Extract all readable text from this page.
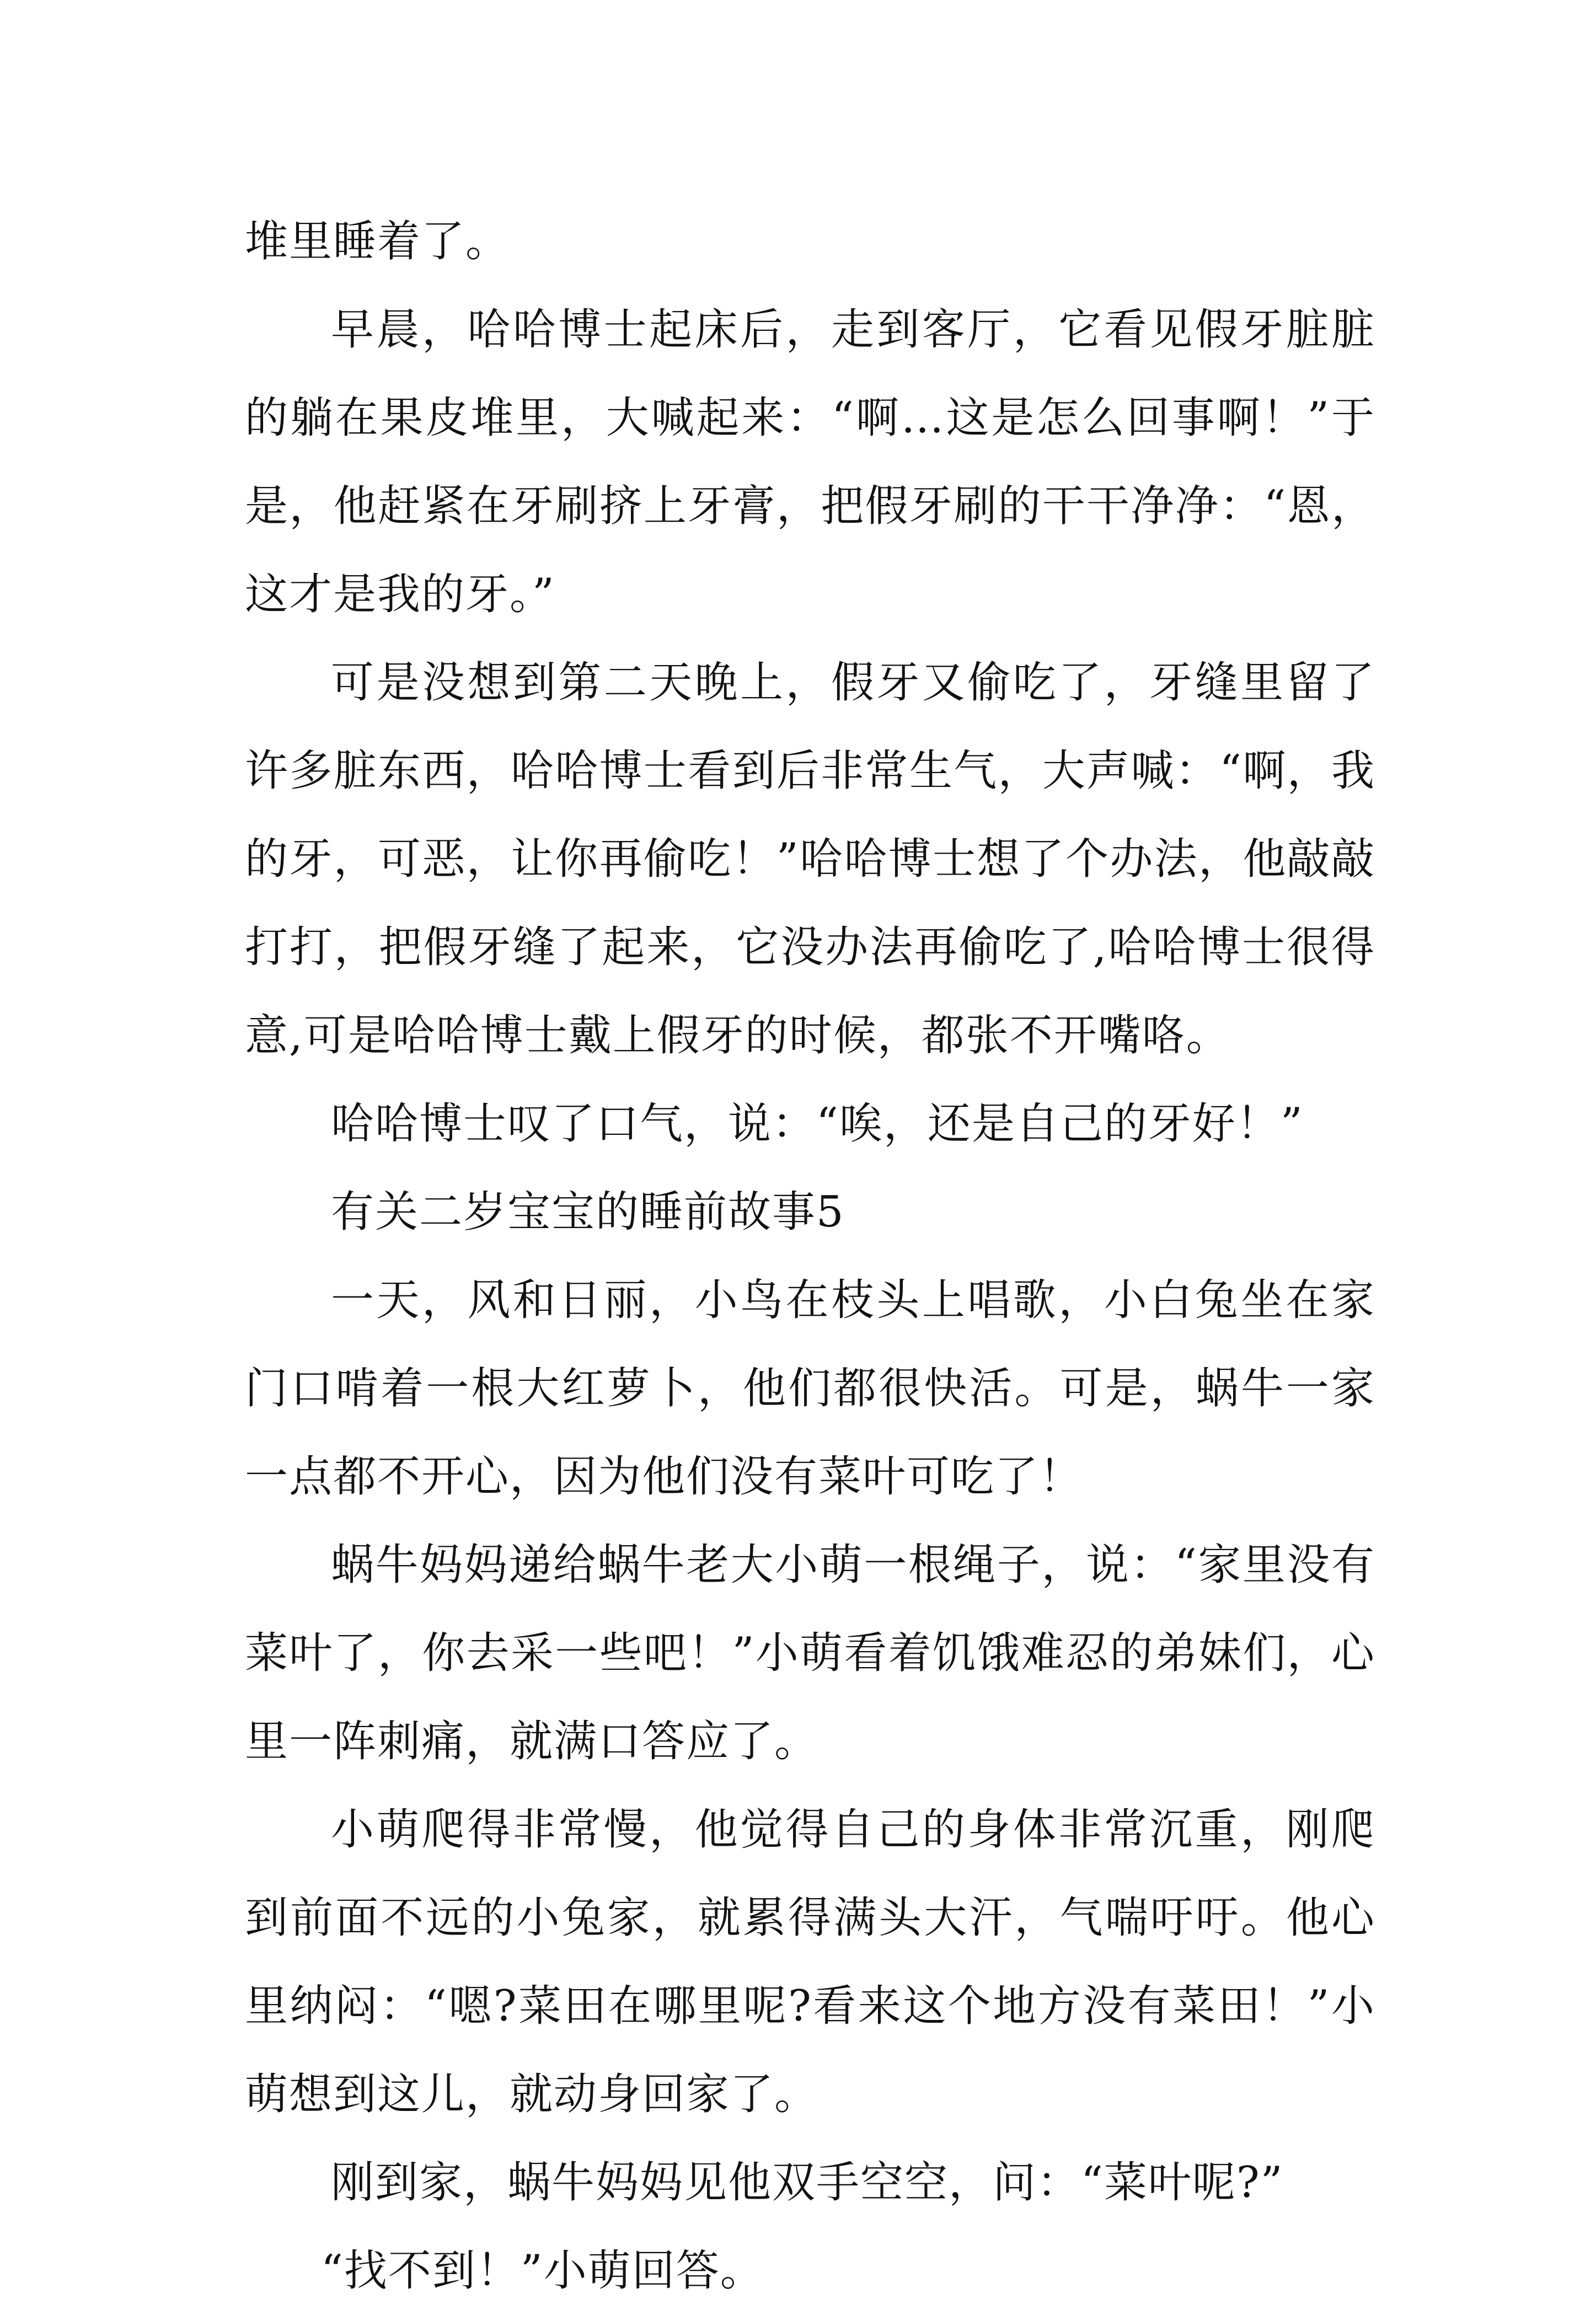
堆里睡着了。

早晨，哈哈博士起床后，走到客厅，它看见假牙脏脏的躺在果皮堆里，大喊起来：“啊…这是怎么回事啊！”于是，他赶紧在牙刷挤上牙膏，把假牙刷的干干净净：“恩，这才是我的牙。”

可是没想到第二天晚上，假牙又偷吃了，牙缝里留了许多脏东西，哈哈博士看到后非常生气，大声喊：“啊，我的牙，可恶，让你再偷吃！”哈哈博士想了个办法，他敲敲打打，把假牙缝了起来，它没办法再偷吃了,哈哈博士很得意,可是哈哈博士戴上假牙的时候，都张不开嘴咯。

哈哈博士叹了口气，说：“唉，还是自己的牙好！”

有关二岁宝宝的睡前故事5

一天，风和日丽，小鸟在枝头上唱歌，小白兔坐在家门口啃着一根大红萝卜，他们都很快活。可是，蜗牛一家一点都不开心，因为他们没有菜叶可吃了！

蜗牛妈妈递给蜗牛老大小萌一根绳子，说：“家里没有菜叶了，你去采一些吧！”小萌看着饥饿难忍的弟妹们，心里一阵刺痛，就满口答应了。

小萌爬得非常慢，他觉得自己的身体非常沉重，刚爬到前面不远的小兔家，就累得满头大汗，气喘吁吁。他心里纳闷：“嗯?菜田在哪里呢?看来这个地方没有菜田！”小萌想到这儿，就动身回家了。

刚到家，蜗牛妈妈见他双手空空，问：“菜叶呢?”

“找不到！”小萌回答。
